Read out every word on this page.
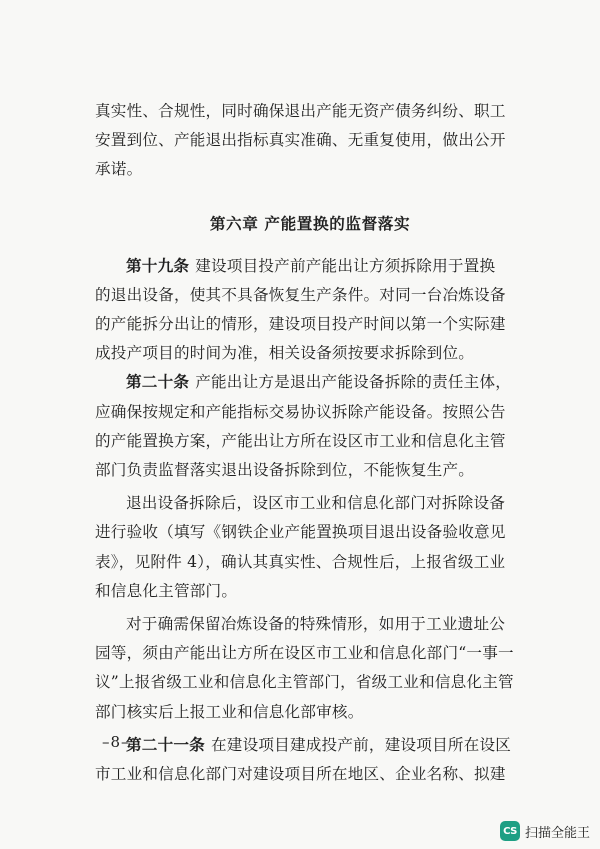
真实性、合规性，同时确保退出产能无资产债务纠纷、职工
安置到位、产能退出指标真实准确、无重复使用，做出公开
承诺。

第六章 产能置换的监督落实

第十九条 建设项目投产前产能出让方须拆除用于置换
的退出设备，使其不具备恢复生产条件。对同一台冶炼设备
的产能拆分出让的情形，建设项目投产时间以第一个实际建
成投产项目的时间为准，相关设备须按要求拆除到位。

第二十条 产能出让方是退出产能设备拆除的责任主体，
应确保按规定和产能指标交易协议拆除产能设备。按照公告
的产能置换方案，产能出让方所在设区市工业和信息化主管
部门负责监督落实退出设备拆除到位，不能恢复生产。

退出设备拆除后，设区市工业和信息化部门对拆除设备
进行验收（填写《钢铁企业产能置换项目退出设备验收意见
表》，见附件 4），确认其真实性、合规性后，上报省级工业
和信息化主管部门。

对于确需保留冶炼设备的特殊情形，如用于工业遗址公
园等，须由产能出让方所在设区市工业和信息化部门“一事一
议”上报省级工业和信息化主管部门，省级工业和信息化主管
部门核实后上报工业和信息化部审核。

第二十一条 在建设项目建成投产前，建设项目所在设区
市工业和信息化部门对建设项目所在地区、企业名称、拟建

–8–
CS 扫描全能王
